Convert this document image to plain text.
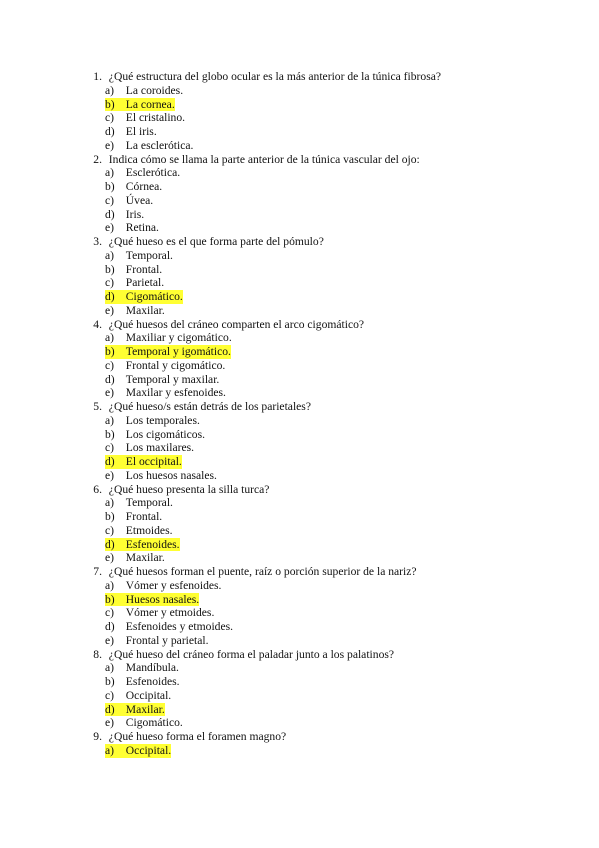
1.
¿Qué estructura del globo ocular es la más anterior de la túnica fibrosa?
a) La coroides.
b) La cornea.
c) El cristalino.
d) El iris.
e) La esclerótica.
2.
Indica cómo se llama la parte anterior de la túnica vascular del ojo:
a) Esclerótica.
b) Córnea.
c) Úvea.
d) Iris.
e) Retina.
3.
¿Qué hueso es el que forma parte del pómulo?
a) Temporal.
b) Frontal.
c) Parietal.
d) Cigomático.
e) Maxilar.
4.
¿Qué huesos del cráneo comparten el arco cigomático?
a) Maxiliar y cigomático.
b) Temporal y igomático.
c) Frontal y cigomático.
d) Temporal y maxilar.
e) Maxilar y esfenoides.
5.
¿Qué hueso/s están detrás de los parietales?
a) Los temporales.
b) Los cigomáticos.
c) Los maxilares.
d) El occipital.
e) Los huesos nasales.
6.
¿Qué hueso presenta la silla turca?
a) Temporal.
b) Frontal.
c) Etmoides.
d) Esfenoides.
e) Maxilar.
7.
¿Qué huesos forman el puente, raíz o porción superior de la nariz?
a) Vómer y esfenoides.
b) Huesos nasales.
c) Vómer y etmoides.
d) Esfenoides y etmoides.
e) Frontal y parietal.
8.
¿Qué hueso del cráneo forma el paladar junto a los palatinos?
a) Mandíbula.
b) Esfenoides.
c) Occipital.
d) Maxilar.
e) Cigomático.
9.
¿Qué hueso forma el foramen magno?
a) Occipital.
